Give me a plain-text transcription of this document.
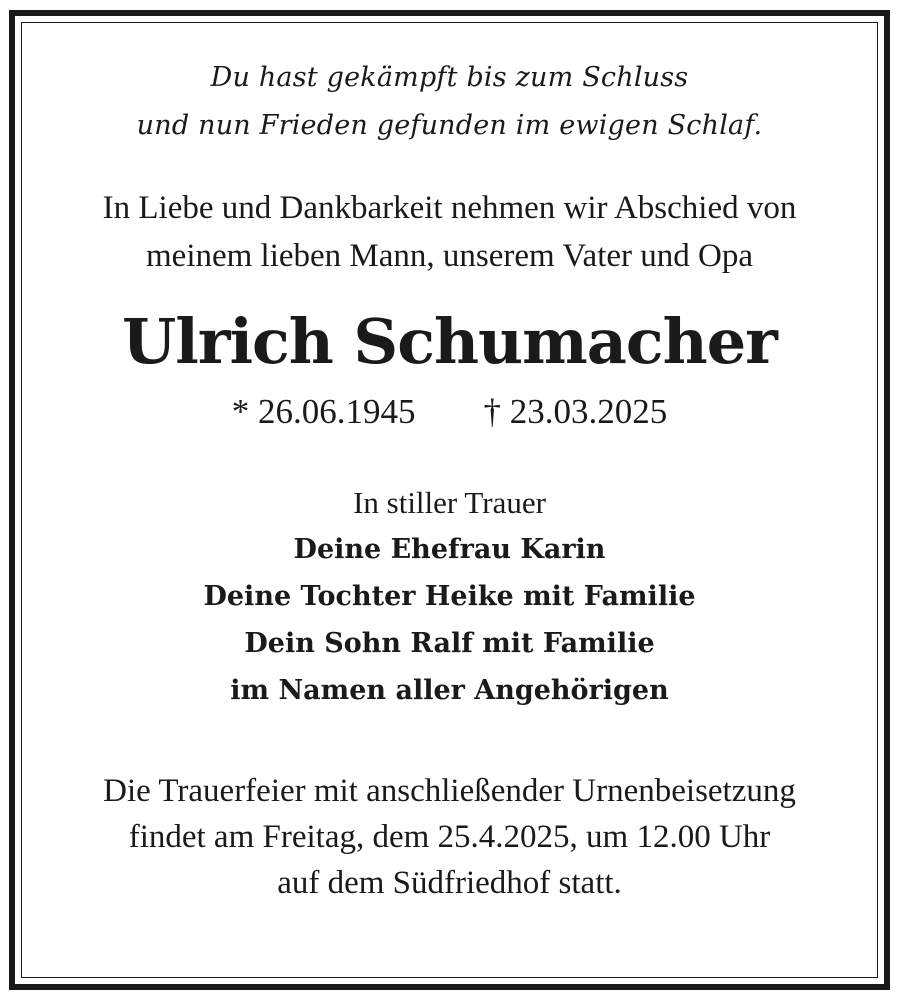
Du hast gekämpft bis zum Schluss
und nun Frieden gefunden im ewigen Schlaf.
In Liebe und Dankbarkeit nehmen wir Abschied von
meinem lieben Mann, unserem Vater und Opa
Ulrich Schumacher
* 26.06.1945 † 23.03.2025
In stiller Trauer
Deine Ehefrau Karin
Deine Tochter Heike mit Familie
Dein Sohn Ralf mit Familie
im Namen aller Angehörigen
Die Trauerfeier mit anschließender Urnenbeisetzung
findet am Freitag, dem 25.4.2025, um 12.00 Uhr
auf dem Südfriedhof statt.
